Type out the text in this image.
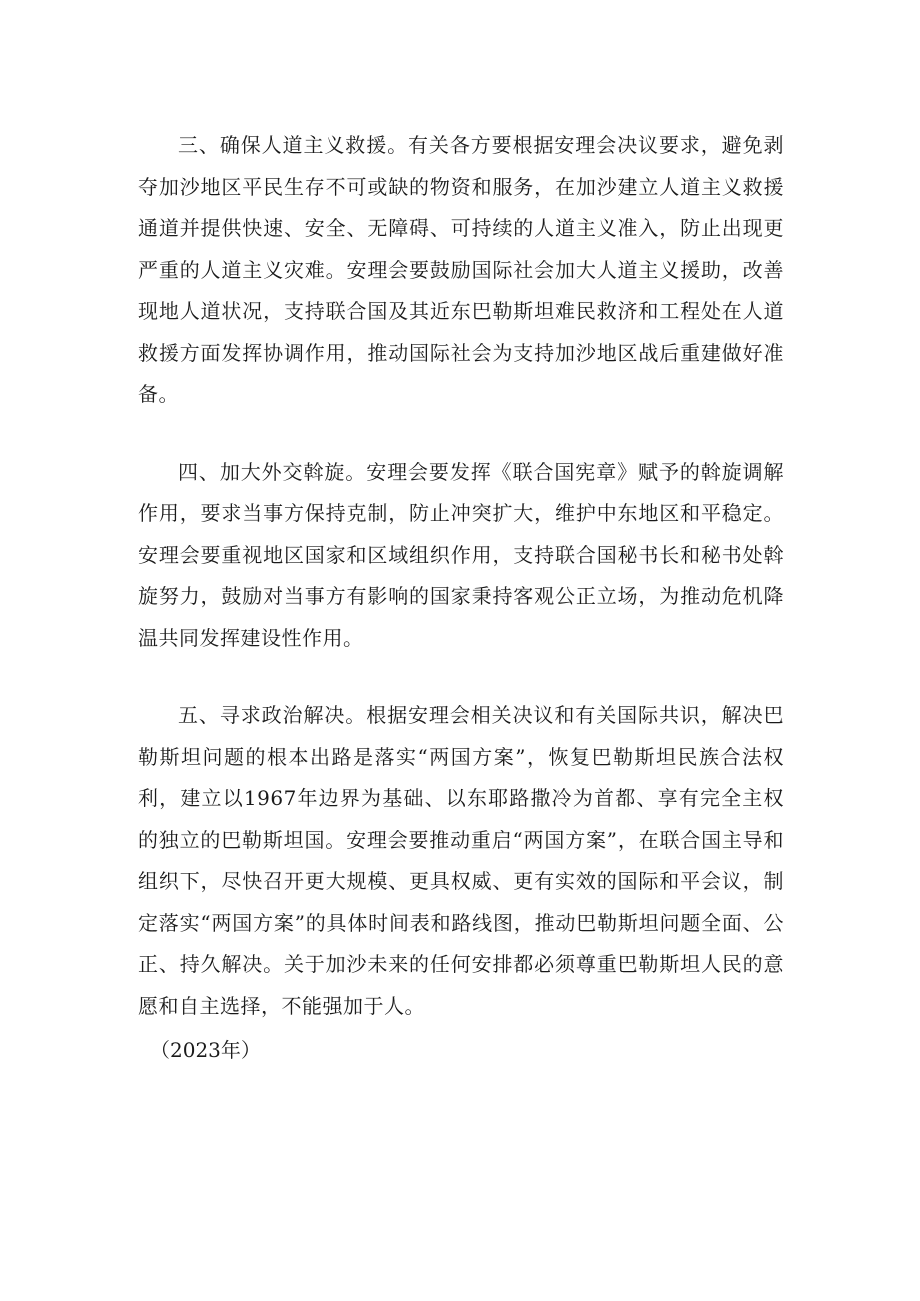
三、确保人道主义救援。有关各方要根据安理会决议要求，避免剥夺加沙地区平民生存不可或缺的物资和服务，在加沙建立人道主义救援通道并提供快速、安全、无障碍、可持续的人道主义准入，防止出现更严重的人道主义灾难。安理会要鼓励国际社会加大人道主义援助，改善现地人道状况，支持联合国及其近东巴勒斯坦难民救济和工程处在人道救援方面发挥协调作用，推动国际社会为支持加沙地区战后重建做好准备。

四、加大外交斡旋。安理会要发挥《联合国宪章》赋予的斡旋调解作用，要求当事方保持克制，防止冲突扩大，维护中东地区和平稳定。安理会要重视地区国家和区域组织作用，支持联合国秘书长和秘书处斡旋努力，鼓励对当事方有影响的国家秉持客观公正立场，为推动危机降温共同发挥建设性作用。

五、寻求政治解决。根据安理会相关决议和有关国际共识，解决巴勒斯坦问题的根本出路是落实“两国方案”，恢复巴勒斯坦民族合法权利，建立以1967年边界为基础、以东耶路撒冷为首都、享有完全主权的独立的巴勒斯坦国。安理会要推动重启“两国方案”，在联合国主导和组织下，尽快召开更大规模、更具权威、更有实效的国际和平会议，制定落实“两国方案”的具体时间表和路线图，推动巴勒斯坦问题全面、公正、持久解决。关于加沙未来的任何安排都必须尊重巴勒斯坦人民的意愿和自主选择，不能强加于人。

（2023年）
